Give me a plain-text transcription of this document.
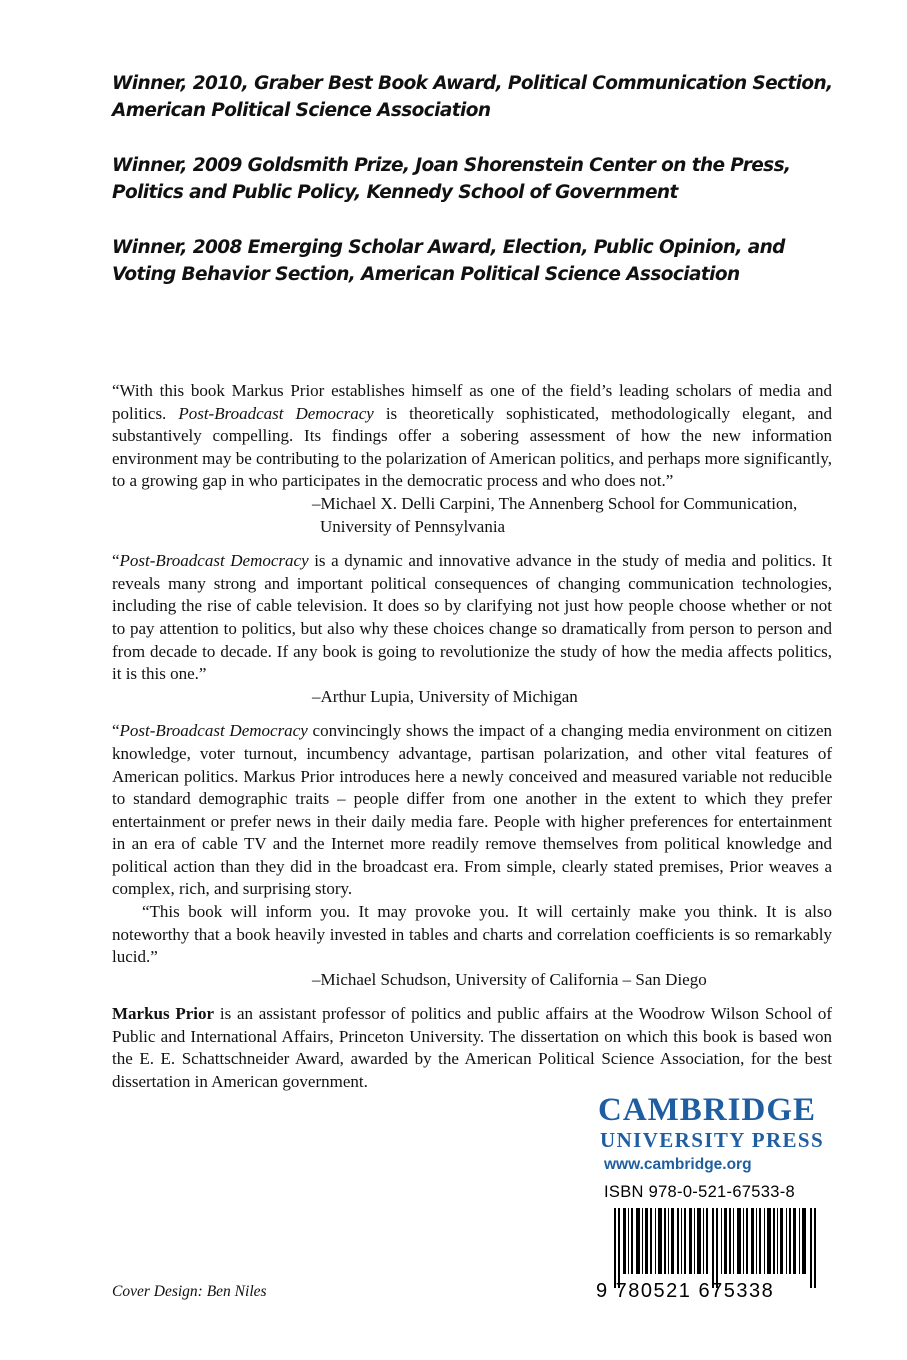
Winner, 2010, Graber Best Book Award, Political Communication Section, American Political Science Association

Winner, 2009 Goldsmith Prize, Joan Shorenstein Center on the Press, Politics and Public Policy, Kennedy School of Government

Winner, 2008 Emerging Scholar Award, Election, Public Opinion, and Voting Behavior Section, American Political Science Association

“With this book Markus Prior establishes himself as one of the field’s leading scholars of media and politics. Post-Broadcast Democracy is theoretically sophisticated, methodologically elegant, and substantively compelling. Its findings offer a sobering assessment of how the new information environment may be contributing to the polarization of American politics, and perhaps more significantly, to a growing gap in who participates in the democratic process and who does not.”

–Michael X. Delli Carpini, The Annenberg School for Communication,
University of Pennsylvania

“Post-Broadcast Democracy is a dynamic and innovative advance in the study of media and politics. It reveals many strong and important political consequences of changing communication technologies, including the rise of cable television. It does so by clarifying not just how people choose whether or not to pay attention to politics, but also why these choices change so dramatically from person to person and from decade to decade. If any book is going to revolutionize the study of how the media affects politics, it is this one.”

–Arthur Lupia, University of Michigan

“Post-Broadcast Democracy convincingly shows the impact of a changing media environment on citizen knowledge, voter turnout, incumbency advantage, partisan polarization, and other vital features of American politics. Markus Prior introduces here a newly conceived and measured variable not reducible to standard demographic traits – people differ from one another in the extent to which they prefer entertainment or prefer news in their daily media fare. People with higher preferences for entertainment in an era of cable TV and the Internet more readily remove themselves from political knowledge and political action than they did in the broadcast era. From simple, clearly stated premises, Prior weaves a complex, rich, and surprising story.

“This book will inform you. It may provoke you. It will certainly make you think. It is also noteworthy that a book heavily invested in tables and charts and correlation coefficients is so remarkably lucid.”

–Michael Schudson, University of California – San Diego

Markus Prior is an assistant professor of politics and public affairs at the Woodrow Wilson School of Public and International Affairs, Princeton University. The dissertation on which this book is based won the E. E. Schattschneider Award, awarded by the American Political Science Association, for the best dissertation in American government.

CAMBRIDGE

UNIVERSITY PRESS

www.cambridge.org

ISBN 978-0-521-67533-8
9 780521 675338
Cover Design: Ben Niles
